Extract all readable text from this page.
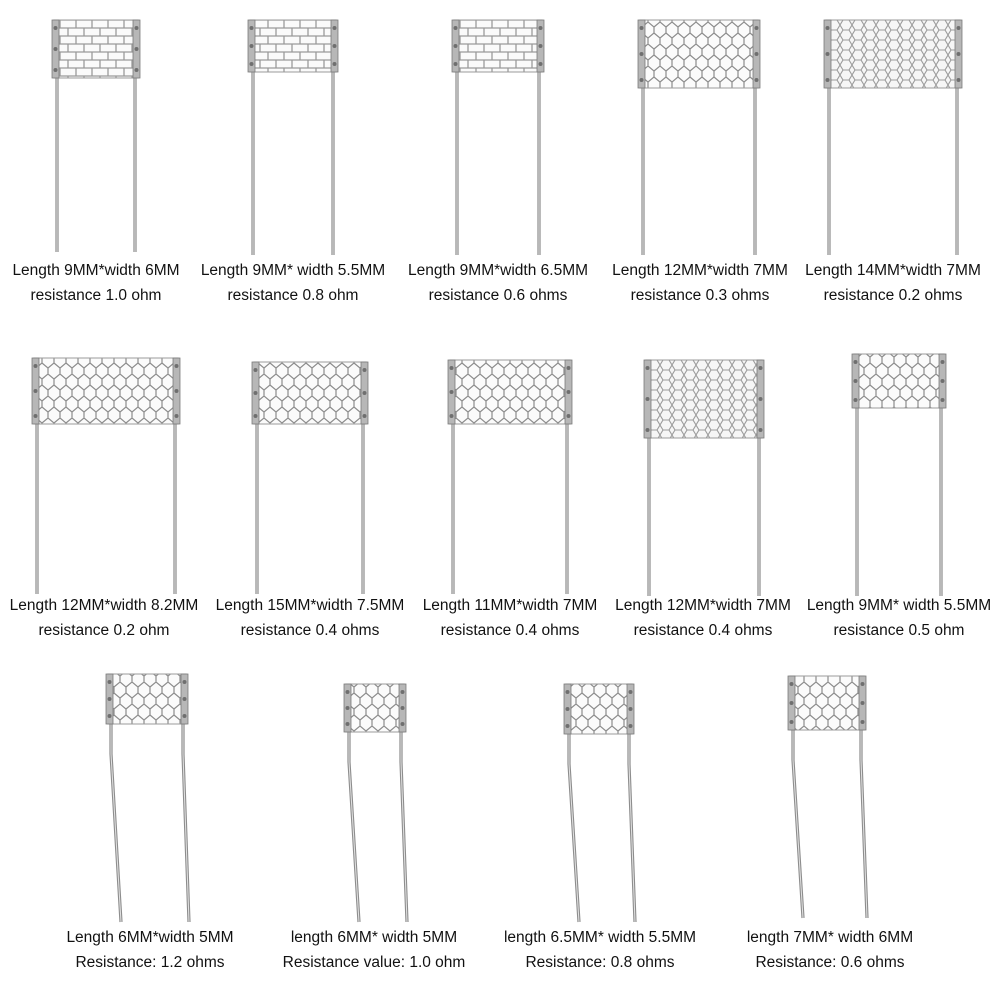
Length 9MM*width 6MM
resistance 1.0 ohm
Length 9MM* width 5.5MM
resistance 0.8 ohm
Length 9MM*width 6.5MM
resistance 0.6 ohms
Length 12MM*width 7MM
resistance 0.3 ohms
Length 14MM*width 7MM
resistance 0.2 ohms
Length 12MM*width 8.2MM
resistance 0.2 ohm
Length 15MM*width 7.5MM
resistance 0.4 ohms
Length 11MM*width 7MM
resistance 0.4 ohms
Length 12MM*width 7MM
resistance 0.4 ohms
Length 9MM* width 5.5MM
resistance 0.5 ohm
Length 6MM*width 5MM
Resistance: 1.2 ohms
length 6MM* width 5MM
Resistance value: 1.0 ohm
length 6.5MM* width 5.5MM
Resistance: 0.8 ohms
length 7MM* width 6MM
Resistance: 0.6 ohms
